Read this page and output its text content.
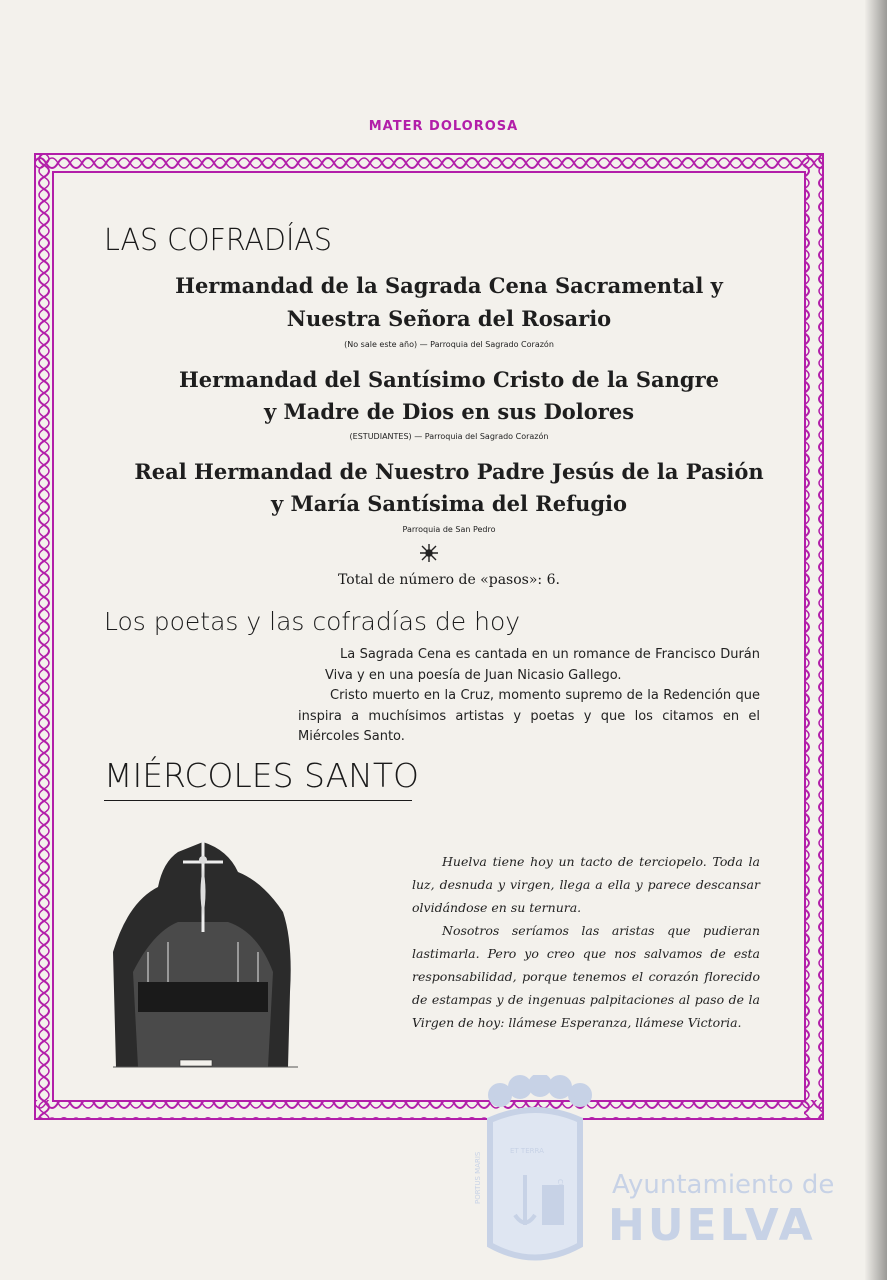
MATER DOLOROSA
LAS COFRADÍAS
Hermandad de la Sagrada Cena Sacramental y
Nuestra Señora del Rosario
(No sale este año) — Parroquia del Sagrado Corazón
Hermandad del Santísimo Cristo de la Sangre
y Madre de Dios en sus Dolores
(ESTUDIANTES) — Parroquia del Sagrado Corazón
Real Hermandad de Nuestro Padre Jesús de la Pasión
y María Santísima del Refugio
Parroquia de San Pedro
Total de número de «pasos»: 6.
Los poetas y las cofradías de hoy
La Sagrada Cena es cantada en un romance de Francisco Durán Viva y en una poesía de Juan Nicasio Gallego.
Cristo muerto en la Cruz, momento supremo de la Redención que inspira a muchísimos artistas y poetas y que los citamos en el Miércoles Santo.
MIÉRCOLES SANTO
Huelva tiene hoy un tacto de terciopelo. Toda la luz, desnuda y virgen, llega a ella y parece descansar olvidándose en su ternura.
Nosotros seríamos las aristas que pudieran lastimarla. Pero yo creo que nos salvamos de esta responsabilidad, porque tenemos el corazón florecido de estampas y de ingenuas palpitaciones al paso de la Virgen de hoy: llámese Esperanza, llámese Victoria.
ET TERRA
PORTUS MARIS	CUSTODIA Ayuntamiento de
HUELVA
